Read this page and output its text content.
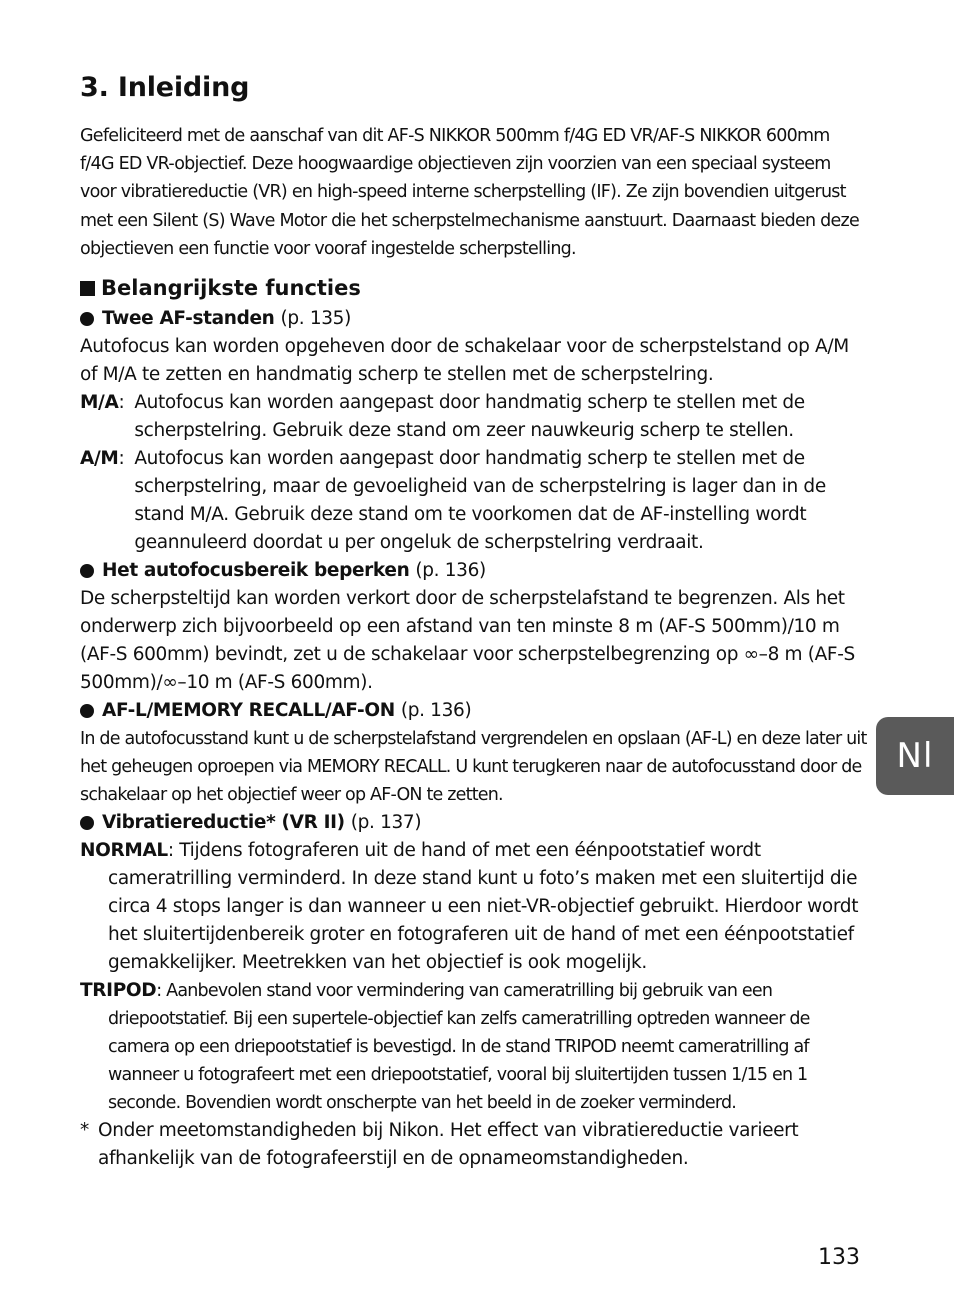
3. Inleiding

Gefeliciteerd met de aanschaf van dit AF-S NIKKOR 500mm f/4G ED VR/AF-S NIKKOR 600mm f/4G ED VR-objectief. Deze hoogwaardige objectieven zijn voorzien van een speciaal systeem voor vibratiereductie (VR) en high-speed interne scherpstelling (IF). Ze zijn bovendien uitgerust met een Silent (S) Wave Motor die het scherpstelmechanisme aanstuurt. Daarnaast bieden deze objectieven een functie voor vooraf ingestelde scherpstelling.

Belangrijkste functies
Twee AF-standen (p. 135)

Autofocus kan worden opgeheven door de schakelaar voor de scherpstelstand op A/M of M/A te zetten en handmatig scherp te stellen met de scherpstelring.

M/A : Autofocus kan worden aangepast door handmatig scherp te stellen met de scherpstelring. Gebruik deze stand om zeer nauwkeurig scherp te stellen.
A/M : Autofocus kan worden aangepast door handmatig scherp te stellen met de scherpstelring, maar de gevoeligheid van de scherpstelring is lager dan in de stand M/A. Gebruik deze stand om te voorkomen dat de AF-instelling wordt geannuleerd doordat u per ongeluk de scherpstelring verdraait.
Het autofocusbereik beperken (p. 136)

De scherpsteltijd kan worden verkort door de scherpstelafstand te begrenzen. Als het onderwerp zich bijvoorbeeld op een afstand van ten minste 8 m (AF-S 500mm)/10 m (AF-S 600mm) bevindt, zet u de schakelaar voor scherpstelbegrenzing op ∞–8 m (AF-S 500mm)/∞–10 m (AF-S 600mm).

AF-L/MEMORY RECALL/AF-ON (p. 136)

In de autofocusstand kunt u de scherpstelafstand vergrendelen en opslaan (AF-L) en deze later uit het geheugen oproepen via MEMORY RECALL. U kunt terugkeren naar de autofocusstand door de schakelaar op het objectief weer op AF-ON te zetten.

Vibratiereductie* (VR II) (p. 137)

NORMAL: Tijdens fotograferen uit de hand of met een éénpootstatief wordt cameratrilling verminderd. In deze stand kunt u foto’s maken met een sluitertijd die circa 4 stops langer is dan wanneer u een niet-VR-objectief gebruikt. Hierdoor wordt het sluitertijdenbereik groter en fotograferen uit de hand of met een éénpootstatief gemakkelijker. Meetrekken van het objectief is ook mogelijk.

TRIPOD: Aanbevolen stand voor vermindering van cameratrilling bij gebruik van een driepootstatief. Bij een supertele-objectief kan zelfs cameratrilling optreden wanneer de camera op een driepootstatief is bevestigd. In de stand TRIPOD neemt cameratrilling af wanneer u fotografeert met een driepootstatief, vooral bij sluitertijden tussen 1/15 en 1 seconde. Bovendien wordt onscherpte van het beeld in de zoeker verminderd.

* Onder meetomstandigheden bij Nikon. Het effect van vibratiereductie varieert afhankelijk van de fotografeerstijl en de opnameomstandigheden.
Nl
133
